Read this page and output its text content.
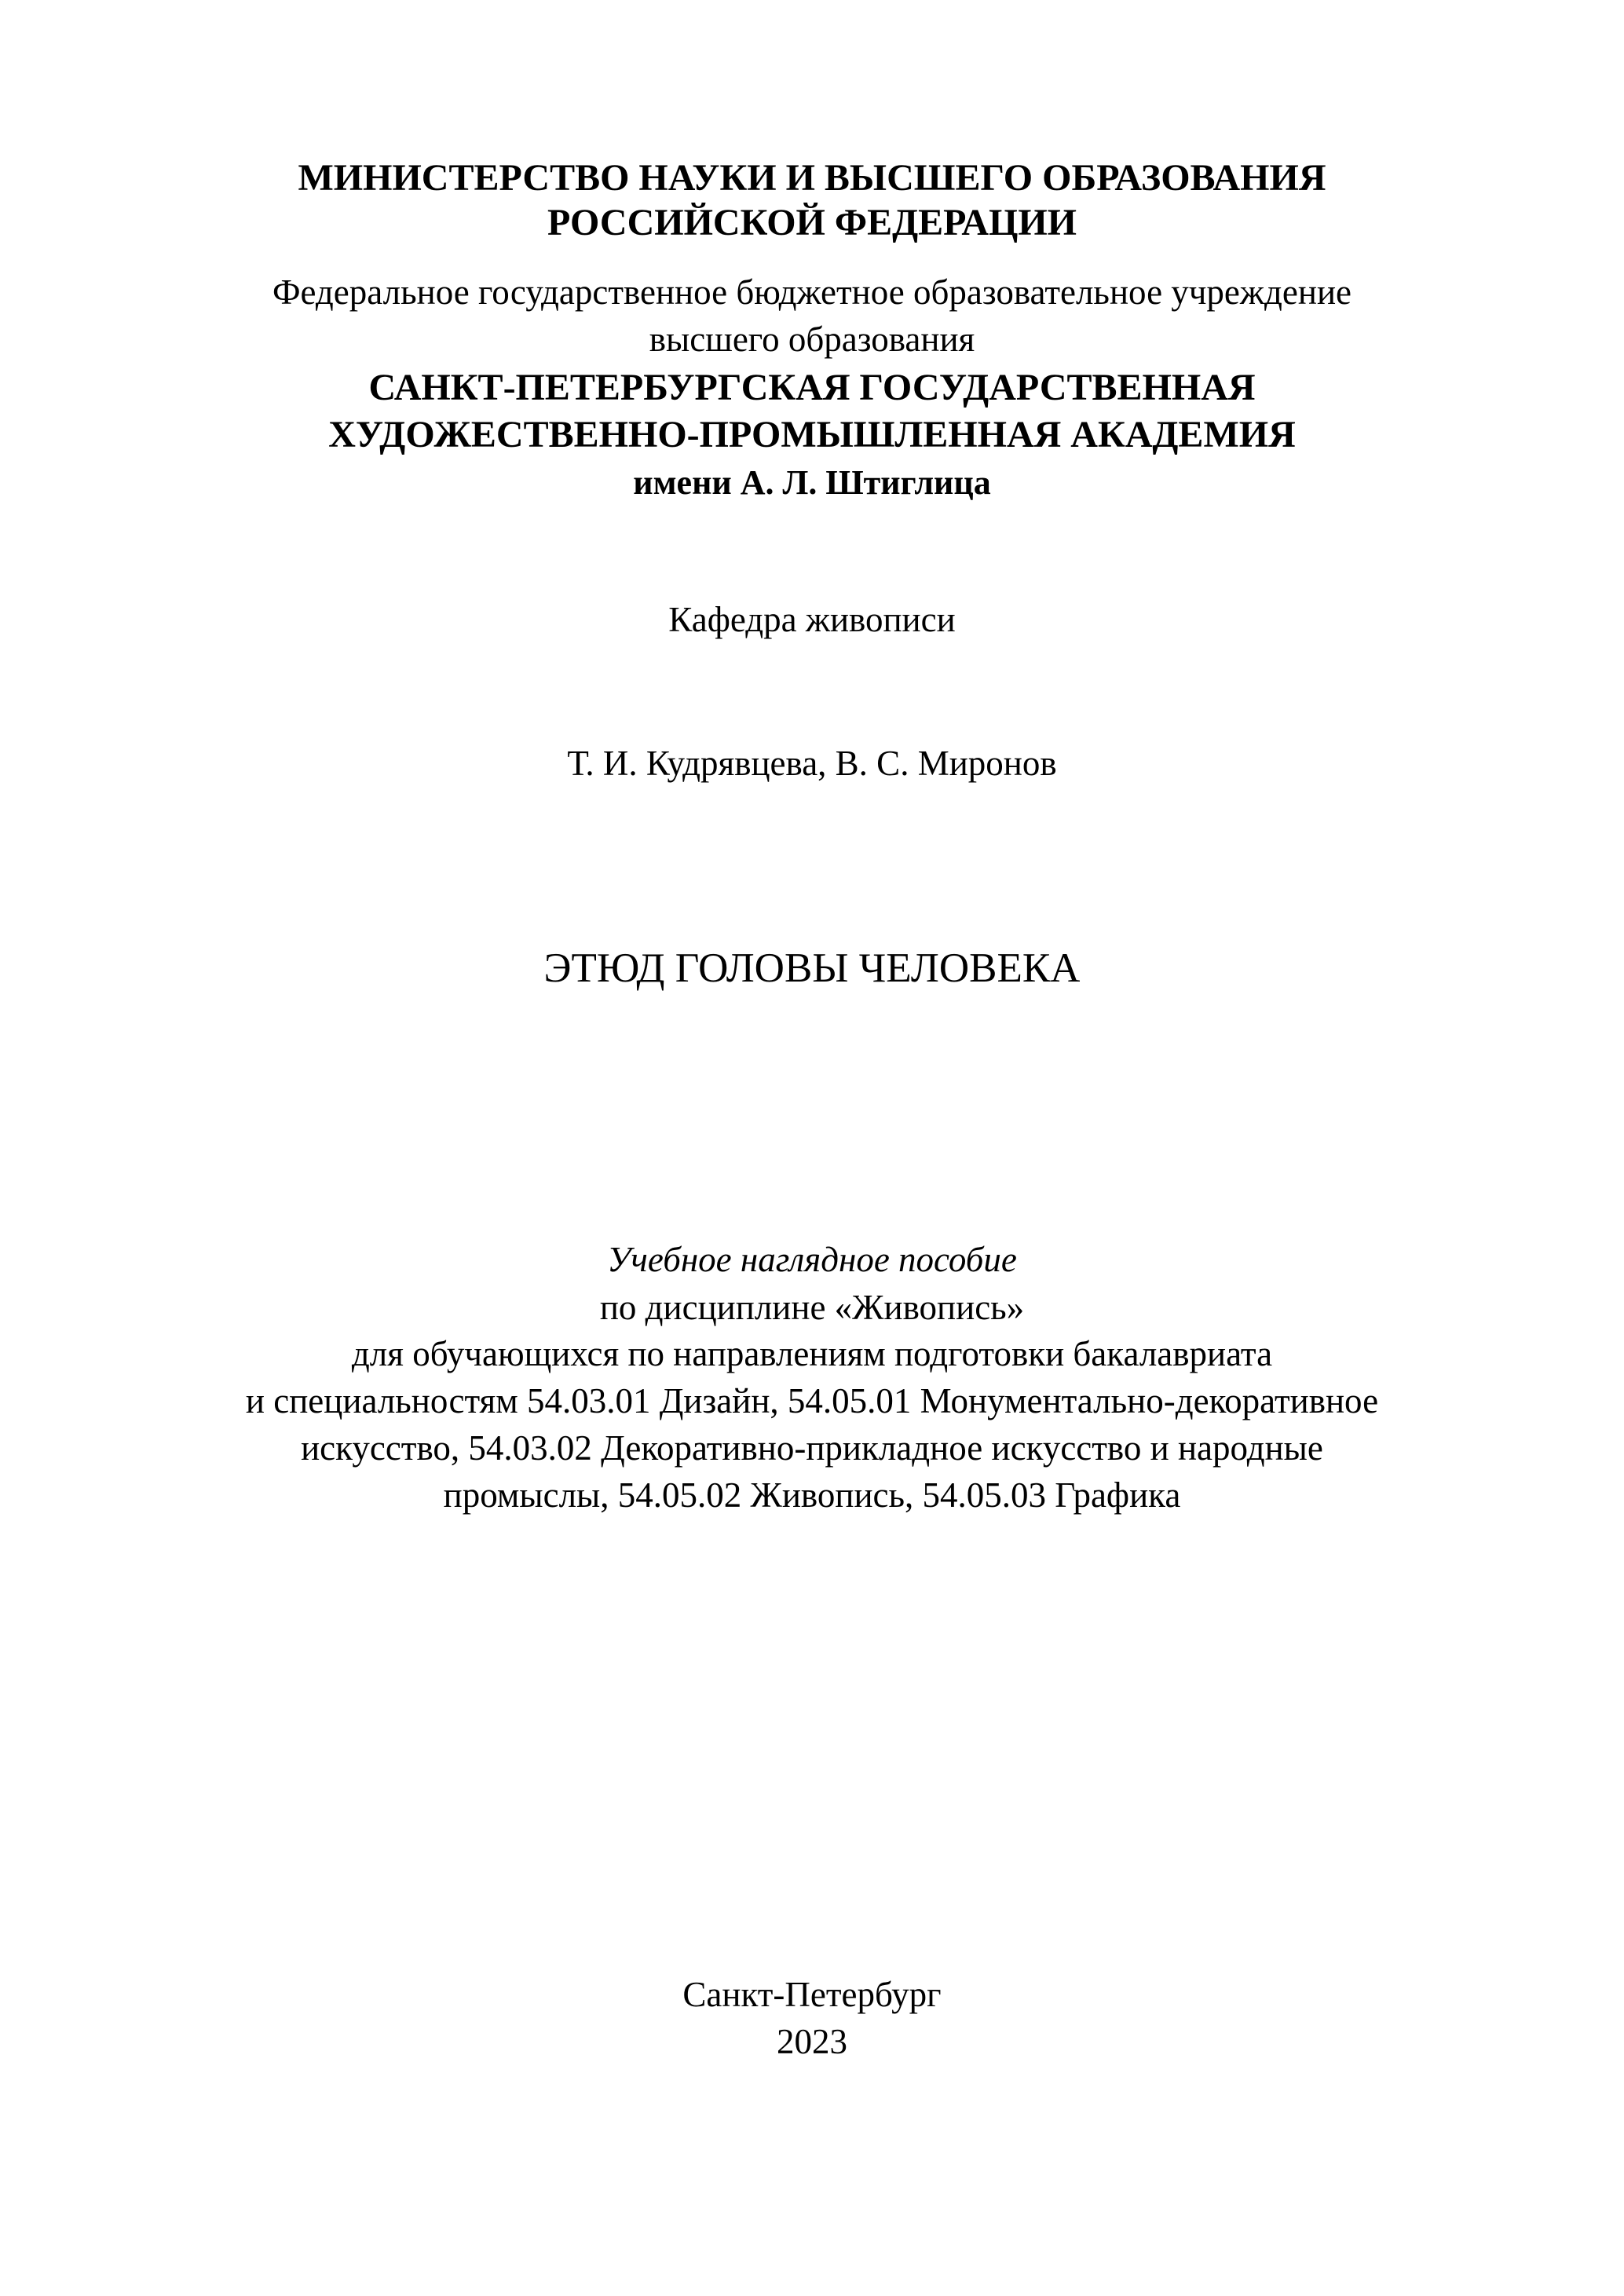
МИНИСТЕРСТВО НАУКИ И ВЫСШЕГО ОБРАЗОВАНИЯ
РОССИЙСКОЙ ФЕДЕРАЦИИ
Федеральное государственное бюджетное образовательное учреждение
высшего образования
САНКТ-ПЕТЕРБУРГСКАЯ ГОСУДАРСТВЕННАЯ
ХУДОЖЕСТВЕННО-ПРОМЫШЛЕННАЯ АКАДЕМИЯ
имени А. Л. Штиглица
Кафедра живописи
Т. И. Кудрявцева, В. С. Миронов
ЭТЮД ГОЛОВЫ ЧЕЛОВЕКА
Учебное наглядное пособие
по дисциплине «Живопись»
для обучающихся по направлениям подготовки бакалавриата
и специальностям 54.03.01 Дизайн, 54.05.01 Монументально-декоративное
искусство, 54.03.02 Декоративно-прикладное искусство и народные
промыслы, 54.05.02 Живопись, 54.05.03 Графика
Санкт-Петербург
2023
